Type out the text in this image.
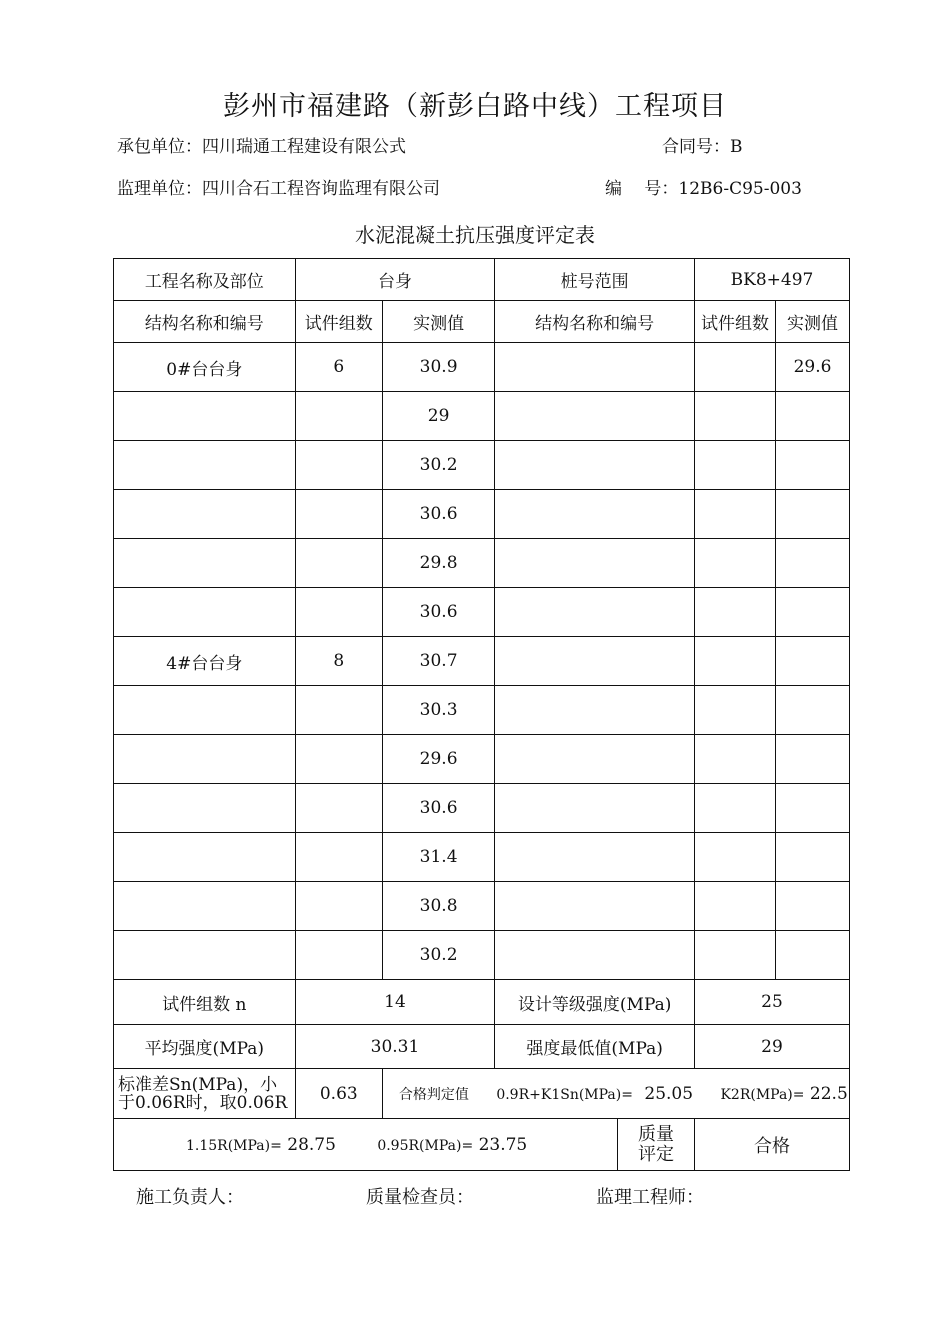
彭州市福建路（新彭白路中线）工程项目
承包单位：四川瑞通工程建设有限公式	合同号：B
监理单位：四川合石工程咨询监理有限公司	编　 号：12B6-C95-003
水泥混凝土抗压强度评定表
工程名称及部位	台身		桩号范围	BK8+497	
结构名称和编号	试件组数	实测值	结构名称和编号	试件组数	实测值
0#台台身	6	30.9			29.6
		29			
		30.2			
		30.6			
		29.8			
		30.6			
4#台台身	8	30.7			
		30.3			
		29.6			
		30.6			
		31.4			
		30.8			
		30.2			
试件组数 n	14		设计等级强度(MPa)	25	
平均强度(MPa)	30.31		强度最低值(MPa)	29	

标准差Sn(MPa)，小
于0.06R时，取0.06R	0.63	合格判定值 0.9R+K1Sn(MPa)= 25.05 K2R(MPa)= 22.5			

1.15R(MPa)= 28.75 0.95R(MPa)= 23.75 质量
评定				合格	
施工负责人：	质量检查员：	监理工程师：
